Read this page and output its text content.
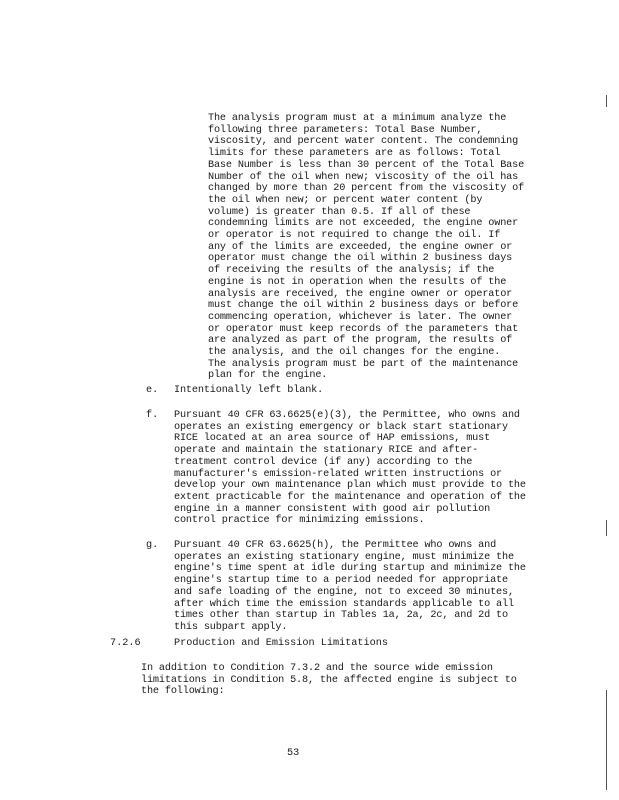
The analysis program must at a minimum analyze the
following three parameters: Total Base Number,
viscosity, and percent water content. The condemning
limits for these parameters are as follows: Total
Base Number is less than 30 percent of the Total Base
Number of the oil when new; viscosity of the oil has
changed by more than 20 percent from the viscosity of
the oil when new; or percent water content (by
volume) is greater than 0.5. If all of these
condemning limits are not exceeded, the engine owner
or operator is not required to change the oil. If
any of the limits are exceeded, the engine owner or
operator must change the oil within 2 business days
of receiving the results of the analysis; if the
engine is not in operation when the results of the
analysis are received, the engine owner or operator
must change the oil within 2 business days or before
commencing operation, whichever is later. The owner
or operator must keep records of the parameters that
are analyzed as part of the program, the results of
the analysis, and the oil changes for the engine.
The analysis program must be part of the maintenance
plan for the engine.
e. Intentionally left blank.
f. Pursuant 40 CFR 63.6625(e)(3), the Permittee, who owns and
operates an existing emergency or black start stationary
RICE located at an area source of HAP emissions, must
operate and maintain the stationary RICE and after-
treatment control device (if any) according to the
manufacturer's emission-related written instructions or
develop your own maintenance plan which must provide to the
extent practicable for the maintenance and operation of the
engine in a manner consistent with good air pollution
control practice for minimizing emissions.
g. Pursuant 40 CFR 63.6625(h), the Permittee who owns and
operates an existing stationary engine, must minimize the
engine's time spent at idle during startup and minimize the
engine's startup time to a period needed for appropriate
and safe loading of the engine, not to exceed 30 minutes,
after which time the emission standards applicable to all
times other than startup in Tables 1a, 2a, 2c, and 2d to
this subpart apply.
7.2.6	Production and Emission Limitations
In addition to Condition 7.3.2 and the source wide emission
limitations in Condition 5.8, the affected engine is subject to
the following:
53
